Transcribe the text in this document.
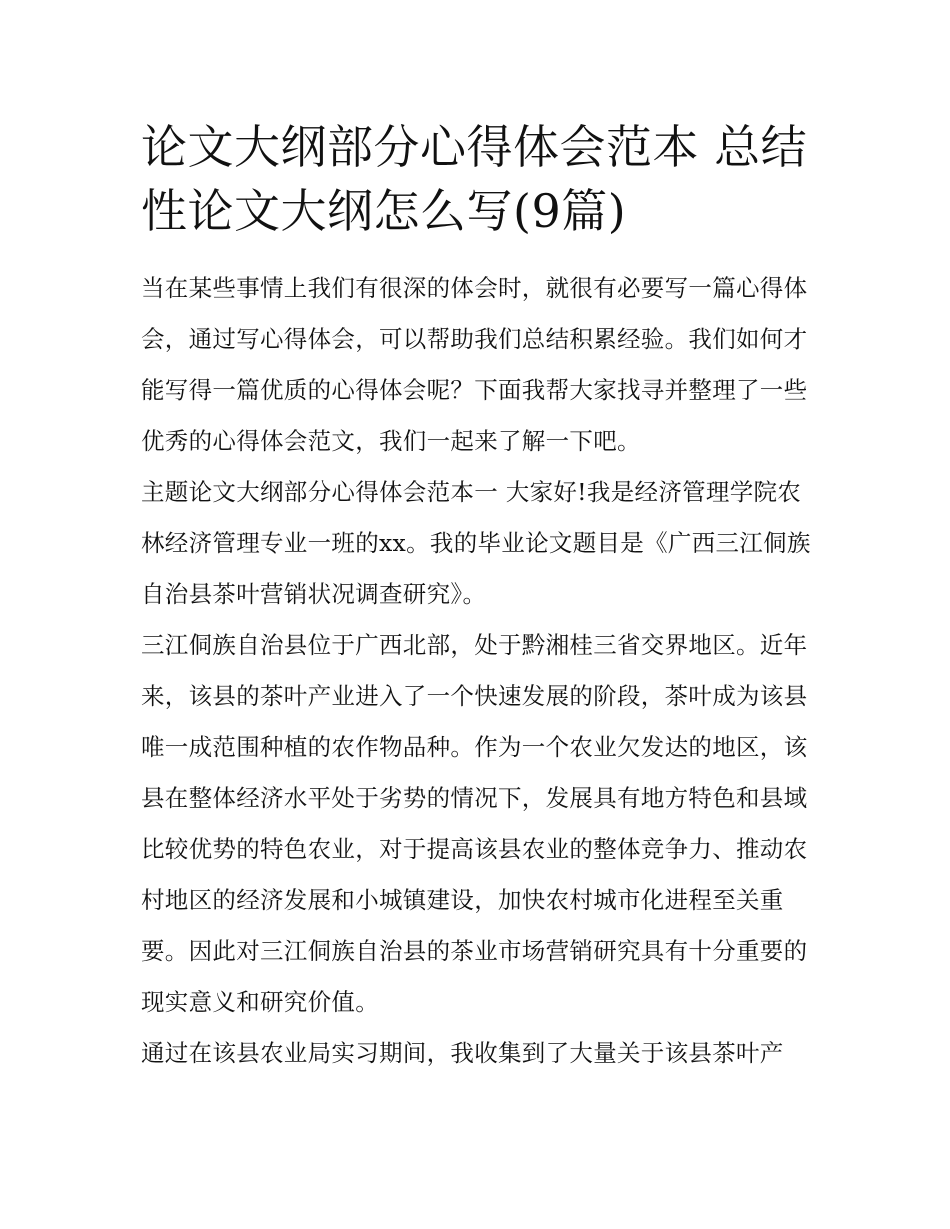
论文大纲部分心得体会范本 总结性论文大纲怎么写(9篇)

当在某些事情上我们有很深的体会时，就很有必要写一篇心得体会，通过写心得体会，可以帮助我们总结积累经验。我们如何才能写得一篇优质的心得体会呢？下面我帮大家找寻并整理了一些优秀的心得体会范文，我们一起来了解一下吧。

主题论文大纲部分心得体会范本一 大家好!我是经济管理学院农林经济管理专业一班的xx。我的毕业论文题目是《广西三江侗族自治县茶叶营销状况调查研究》。

三江侗族自治县位于广西北部，处于黔湘桂三省交界地区。近年来，该县的茶叶产业进入了一个快速发展的阶段，茶叶成为该县唯一成范围种植的农作物品种。作为一个农业欠发达的地区，该县在整体经济水平处于劣势的情况下，发展具有地方特色和县域比较优势的特色农业，对于提高该县农业的整体竞争力、推动农村地区的经济发展和小城镇建设，加快农村城市化进程至关重要。因此对三江侗族自治县的茶业市场营销研究具有十分重要的现实意义和研究价值。

通过在该县农业局实习期间，我收集到了大量关于该县茶叶产
